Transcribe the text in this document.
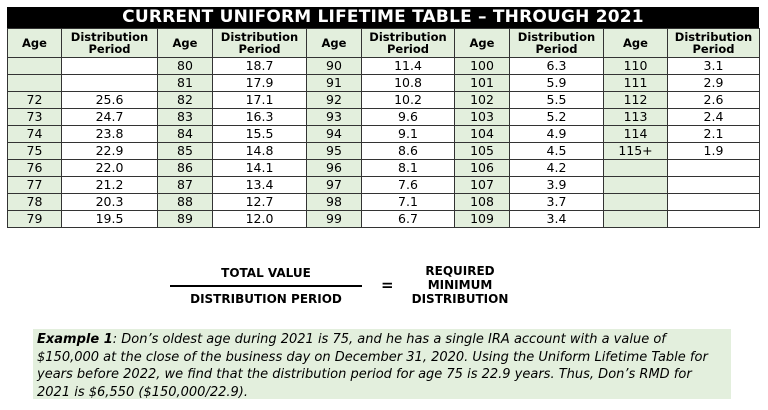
CURRENT UNIFORM LIFETIME TABLE – THROUGH 2021
Age	Distribution Period	Age	Distribution Period	Age	Distribution Period	Age	Distribution Period	Age	Distribution Period
		80	18.7	90	11.4	100	6.3	110	3.1
		81	17.9	91	10.8	101	5.9	111	2.9
72	25.6	82	17.1	92	10.2	102	5.5	112	2.6
73	24.7	83	16.3	93	9.6	103	5.2	113	2.4
74	23.8	84	15.5	94	9.1	104	4.9	114	2.1
75	22.9	85	14.8	95	8.6	105	4.5	115+	1.9
76	22.0	86	14.1	96	8.1	106	4.2		
77	21.2	87	13.4	97	7.6	107	3.9		
78	20.3	88	12.7	98	7.1	108	3.7		
79	19.5	89	12.0	99	6.7	109	3.4		
TOTAL VALUE
DISTRIBUTION PERIOD
=
REQUIRED
MINIMUM
DISTRIBUTION
Example 1: Don’s oldest age during 2021 is 75, and he has a single IRA account with a value of $150,000 at the close of the business day on December 31, 2020. Using the Uniform Lifetime Table for years before 2022, we find that the distribution period for age 75 is 22.9 years. Thus, Don’s RMD for 2021 is $6,550 ($150,000/22.9).
